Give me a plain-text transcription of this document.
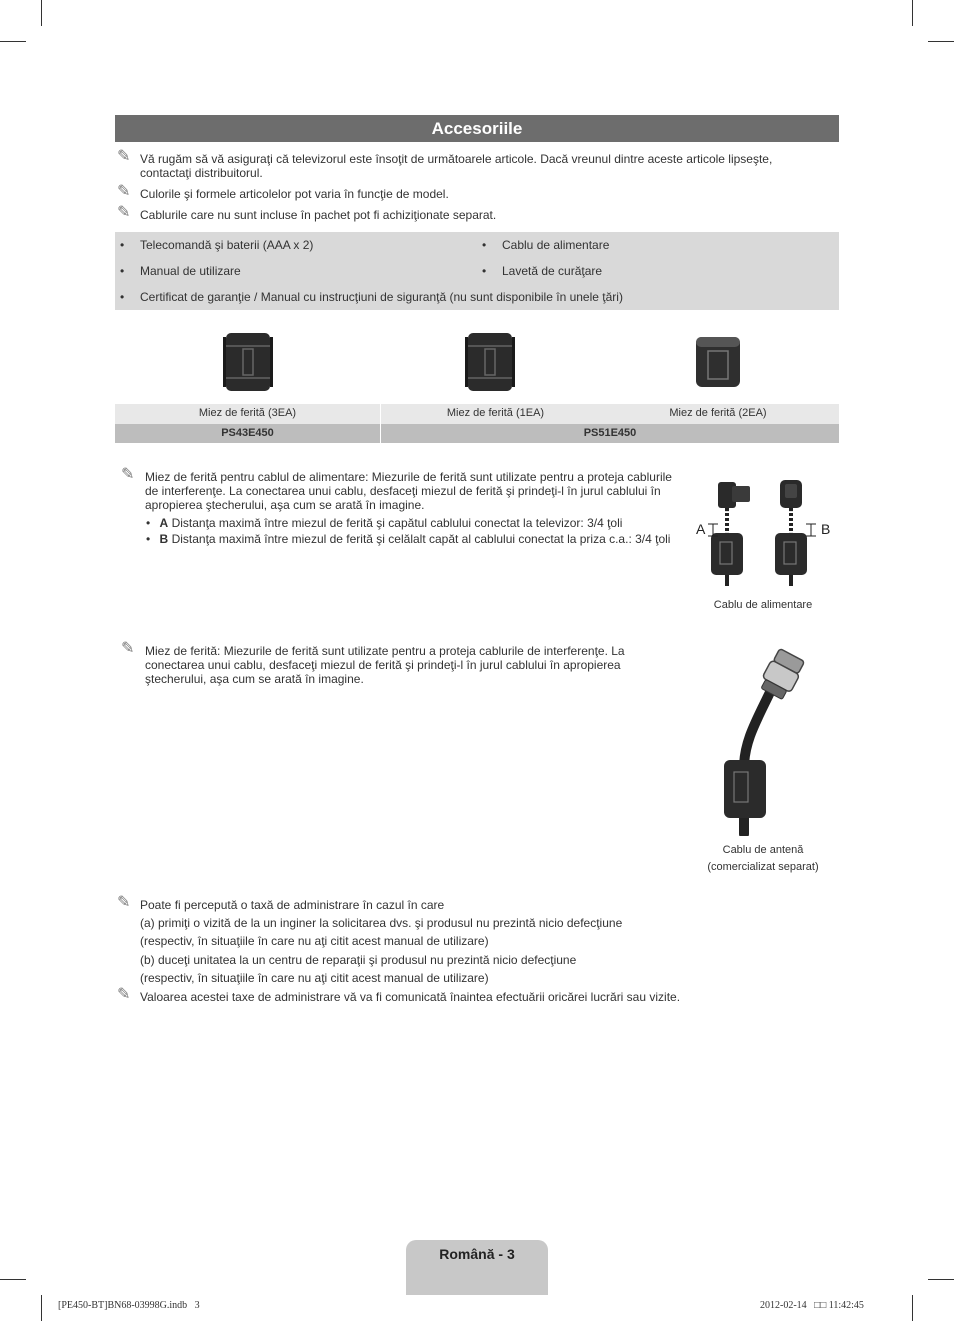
Accesoriile
✎ Vă rugăm să vă asiguraţi că televizorul este însoţit de următoarele articole. Dacă vreunul dintre aceste articole lipseşte,
contactaţi distribuitorul.
✎ Culorile şi formele articolelor pot varia în funcţie de model.
✎ Cablurile care nu sunt incluse în pachet pot fi achiziţionate separat.
• Telecomandă şi baterii (AAA x 2)	• Cablu de alimentare
• Manual de utilizare	• Lavetă de curăţare
• Certificat de garanţie / Manual cu instrucţiuni de siguranţă (nu sunt disponibile în unele ţări)
Miez de ferită (3EA)	Miez de ferită (1EA)	Miez de ferită (2EA)
PS43E450	PS51E450
✎ Miez de ferită pentru cablul de alimentare: Miezurile de ferită sunt utilizate pentru a proteja cablurile
de interferenţe. La conectarea unui cablu, desfaceţi miezul de ferită şi prindeţi-l în jurul cablului în
apropierea ştecherului, aşa cum se arată în imagine.
• A Distanţa maximă între miezul de ferită şi capătul cablului conectat la televizor: 3/4 ţoli
• B Distanţa maximă între miezul de ferită şi celălalt capăt al cablului conectat la priza c.a.: 3/4 ţoli
A	B
Cablu de alimentare
✎ Miez de ferită: Miezurile de ferită sunt utilizate pentru a proteja cablurile de interferenţe. La
conectarea unui cablu, desfaceţi miezul de ferită şi prindeţi-l în jurul cablului în apropierea
ştecherului, aşa cum se arată în imagine.
Cablu de antenă
(comercializat separat)
✎ Poate fi percepută o taxă de administrare în cazul în care
(a) primiţi o vizită de la un inginer la solicitarea dvs. şi produsul nu prezintă nicio defecţiune
(respectiv, în situaţiile în care nu aţi citit acest manual de utilizare)
(b) duceţi unitatea la un centru de reparaţii şi produsul nu prezintă nicio defecţiune
(respectiv, în situaţiile în care nu aţi citit acest manual de utilizare)
✎ Valoarea acestei taxe de administrare vă va fi comunicată înaintea efectuării oricărei lucrări sau vizite.
Română - 3
[PE450-BT]BN68-03998G.indb   3	2012-02-14   □□ 11:42:45
